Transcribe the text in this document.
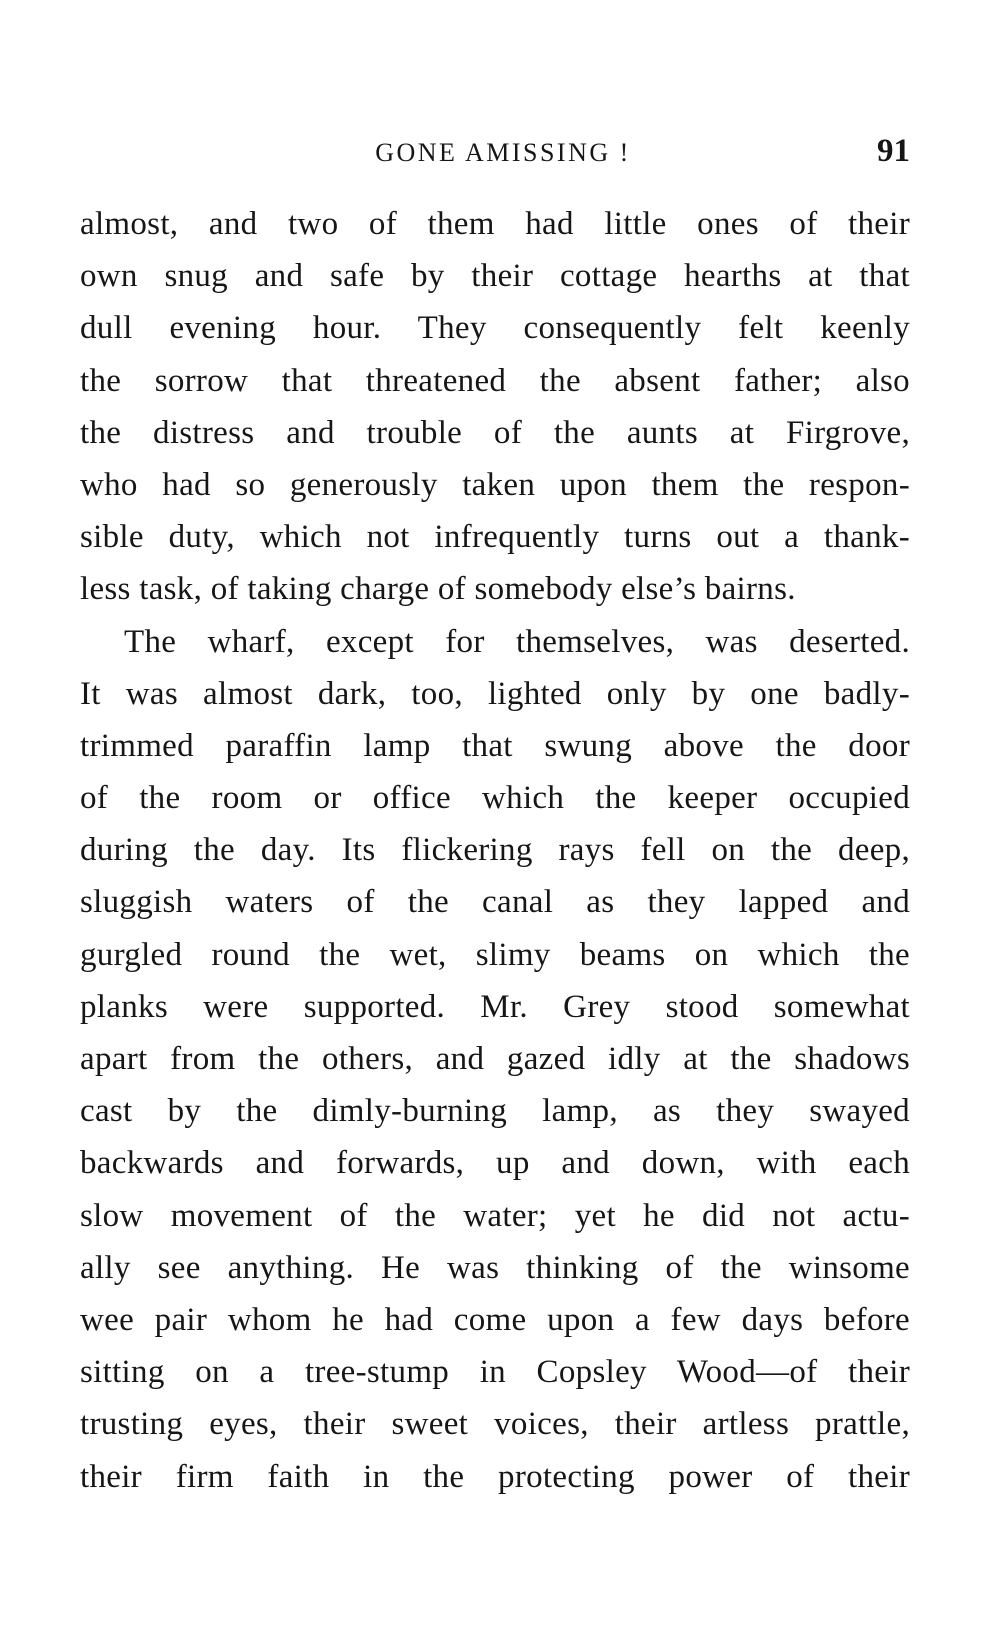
GONE AMISSING !	91
almost, and two of them had little ones of their
own snug and safe by their cottage hearths at that
dull evening hour. They consequently felt keenly
the sorrow that threatened the absent father; also
the distress and trouble of the aunts at Firgrove,
who had so generously taken upon them the respon-
sible duty, which not infrequently turns out a thank-
less task, of taking charge of somebody else’s bairns.
The wharf, except for themselves, was deserted.
It was almost dark, too, lighted only by one badly-
trimmed paraffin lamp that swung above the door
of the room or office which the keeper occupied
during the day. Its flickering rays fell on the deep,
sluggish waters of the canal as they lapped and
gurgled round the wet, slimy beams on which the
planks were supported. Mr. Grey stood somewhat
apart from the others, and gazed idly at the shadows
cast by the dimly-burning lamp, as they swayed
backwards and forwards, up and down, with each
slow movement of the water; yet he did not actu-
ally see anything. He was thinking of the winsome
wee pair whom he had come upon a few days before
sitting on a tree-stump in Copsley Wood—of their
trusting eyes, their sweet voices, their artless prattle,
their firm faith in the protecting power of their
